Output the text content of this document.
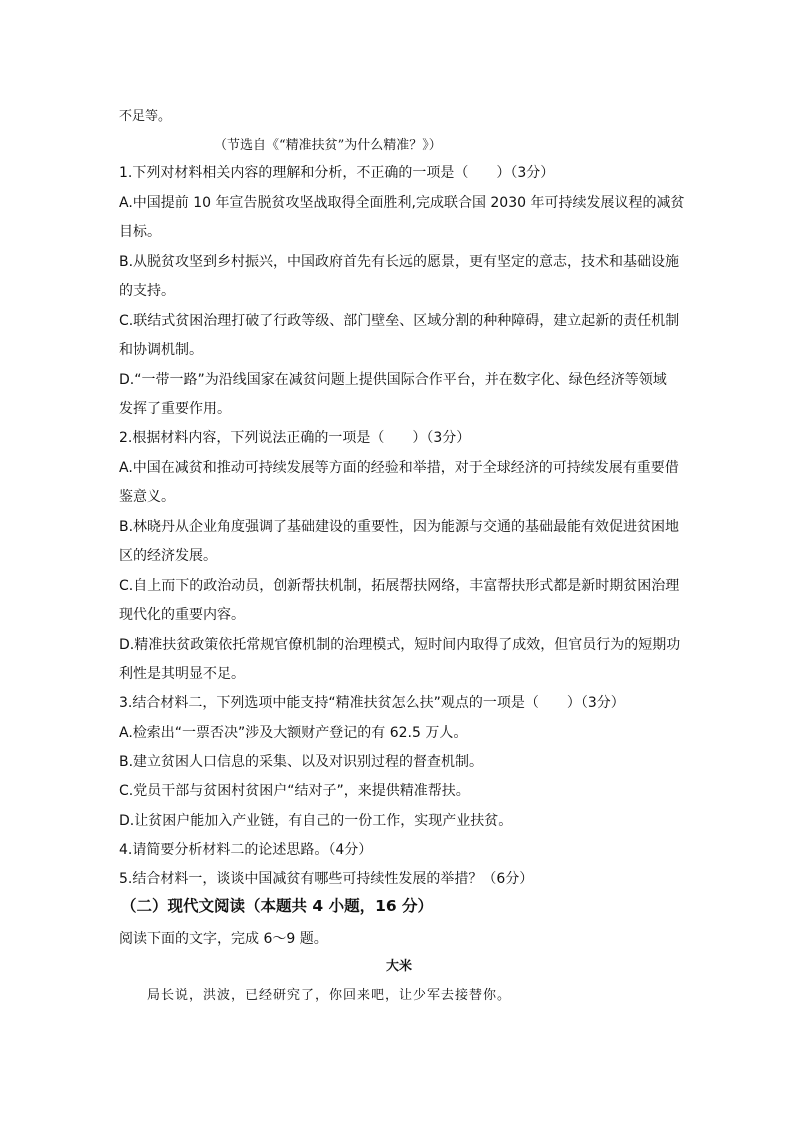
不足等。
（节选自《“精准扶贫”为什么精准？》）
1.下列对材料相关内容的理解和分析，不正确的一项是（　　）（3分）
A.中国提前 10 年宣告脱贫攻坚战取得全面胜利,完成联合国 2030 年可持续发展议程的减贫
目标。
B.从脱贫攻坚到乡村振兴，中国政府首先有长远的愿景，更有坚定的意志，技术和基础设施
的支持。
C.联结式贫困治理打破了行政等级、部门壁垒、区域分割的种种障碍，建立起新的责任机制
和协调机制。
D.“一带一路”为沿线国家在减贫问题上提供国际合作平台，并在数字化、绿色经济等领域
发挥了重要作用。
2.根据材料内容，下列说法正确的一项是（　　）（3分）
A.中国在减贫和推动可持续发展等方面的经验和举措，对于全球经济的可持续发展有重要借
鉴意义。
B.林晓丹从企业角度强调了基础建设的重要性，因为能源与交通的基础最能有效促进贫困地
区的经济发展。
C.自上而下的政治动员，创新帮扶机制，拓展帮扶网络，丰富帮扶形式都是新时期贫困治理
现代化的重要内容。
D.精准扶贫政策依托常规官僚机制的治理模式，短时间内取得了成效，但官员行为的短期功
利性是其明显不足。
3.结合材料二，下列选项中能支持“精准扶贫怎么扶”观点的一项是（　　）（3分）
A.检索出“一票否决”涉及大额财产登记的有 62.5 万人。
B.建立贫困人口信息的采集、以及对识别过程的督查机制。
C.党员干部与贫困村贫困户“结对子”，来提供精准帮扶。
D.让贫困户能加入产业链，有自己的一份工作，实现产业扶贫。
4.请简要分析材料二的论述思路。（4分）
5.结合材料一，谈谈中国减贫有哪些可持续性发展的举措？（6分）
（二）现代文阅读（本题共 4 小题，16 分）
阅读下面的文字，完成 6～9 题。
大米
局长说，洪波，已经研究了，你回来吧，让少军去接替你。
